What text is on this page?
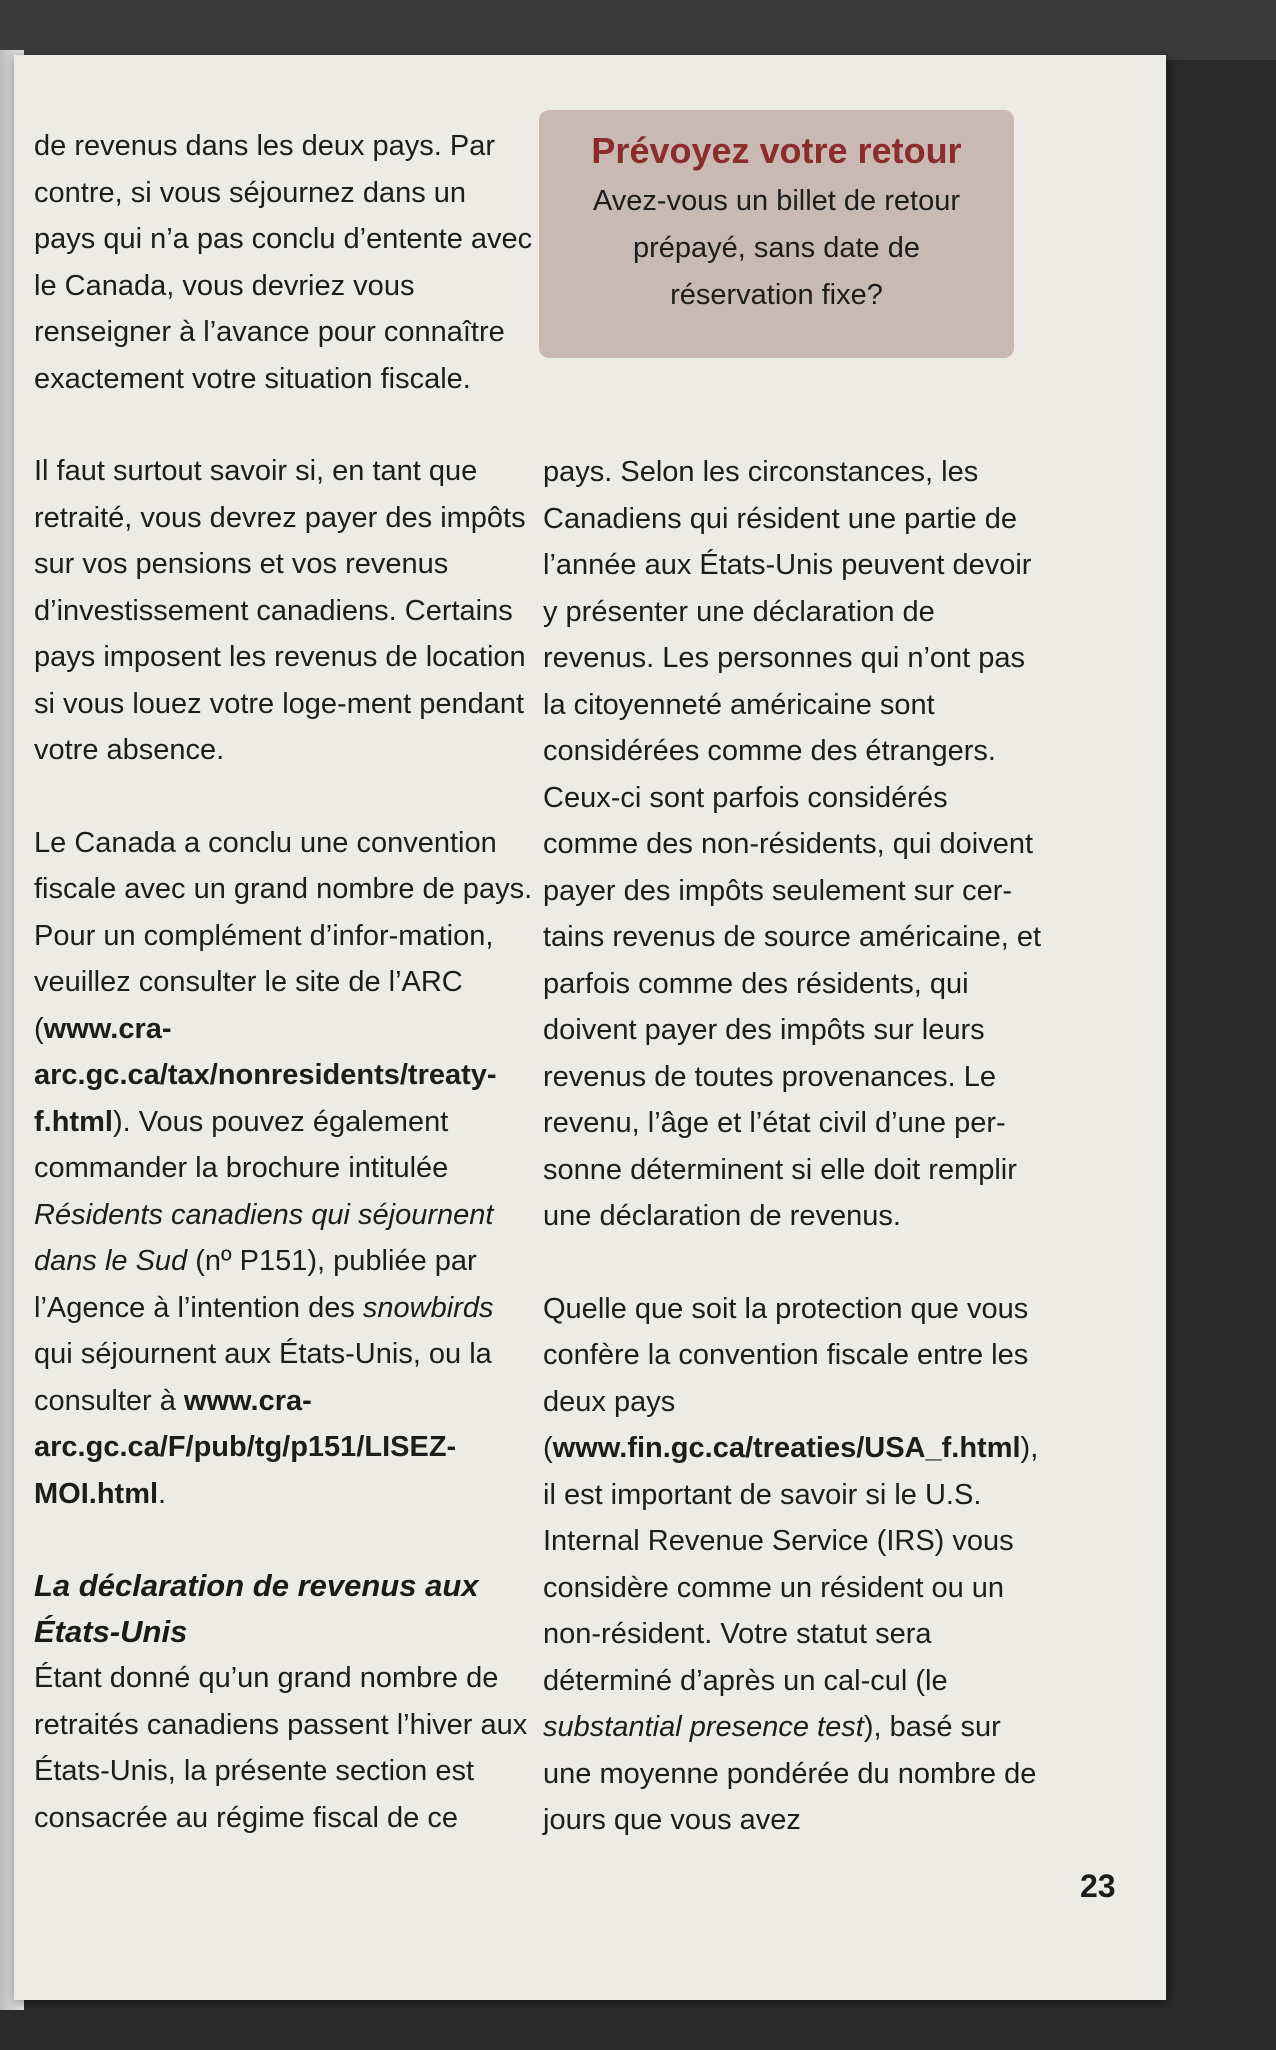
Prévoyez votre retour
Avez-vous un billet de retour prépayé, sans date de réservation fixe?

de revenus dans les deux pays. Par contre, si vous séjournez dans un pays qui n’a pas conclu d’entente avec le Canada, vous devriez vous renseigner à l’avance pour connaître exactement votre situation fiscale.

Il faut surtout savoir si, en tant que retraité, vous devrez payer des impôts sur vos pensions et vos revenus d’investissement canadiens. Certains pays imposent les revenus de location si vous louez votre loge-ment pendant votre absence.

Le Canada a conclu une convention fiscale avec un grand nombre de pays. Pour un complément d’infor-mation, veuillez consulter le site de l’ARC (www.cra-arc.gc.ca/tax/nonresidents/treaty-f.html). Vous pouvez également commander la brochure intitulée Résidents canadiens qui séjournent dans le Sud (nº P151), publiée par l’Agence à l’intention des snowbirds qui séjournent aux États-Unis, ou la consulter à www.cra-arc.gc.ca/F/pub/tg/p151/LISEZ-MOI.html.

La déclaration de revenus aux États-Unis

Étant donné qu’un grand nombre de retraités canadiens passent l’hiver aux États-Unis, la présente section est consacrée au régime fiscal de ce

pays. Selon les circonstances, les Canadiens qui résident une partie de l’année aux États-Unis peuvent devoir y présenter une déclaration de revenus. Les personnes qui n’ont pas la citoyenneté américaine sont considérées comme des étrangers. Ceux-ci sont parfois considérés comme des non-résidents, qui doivent payer des impôts seulement sur cer-tains revenus de source américaine, et parfois comme des résidents, qui doivent payer des impôts sur leurs revenus de toutes provenances. Le revenu, l’âge et l’état civil d’une per-sonne déterminent si elle doit remplir une déclaration de revenus.

Quelle que soit la protection que vous confère la convention fiscale entre les deux pays (www.fin.gc.ca/treaties/USA_f.html), il est important de savoir si le U.S. Internal Revenue Service (IRS) vous considère comme un résident ou un non-résident. Votre statut sera déterminé d’après un cal-cul (le substantial presence test), basé sur une moyenne pondérée du nombre de jours que vous avez

23
